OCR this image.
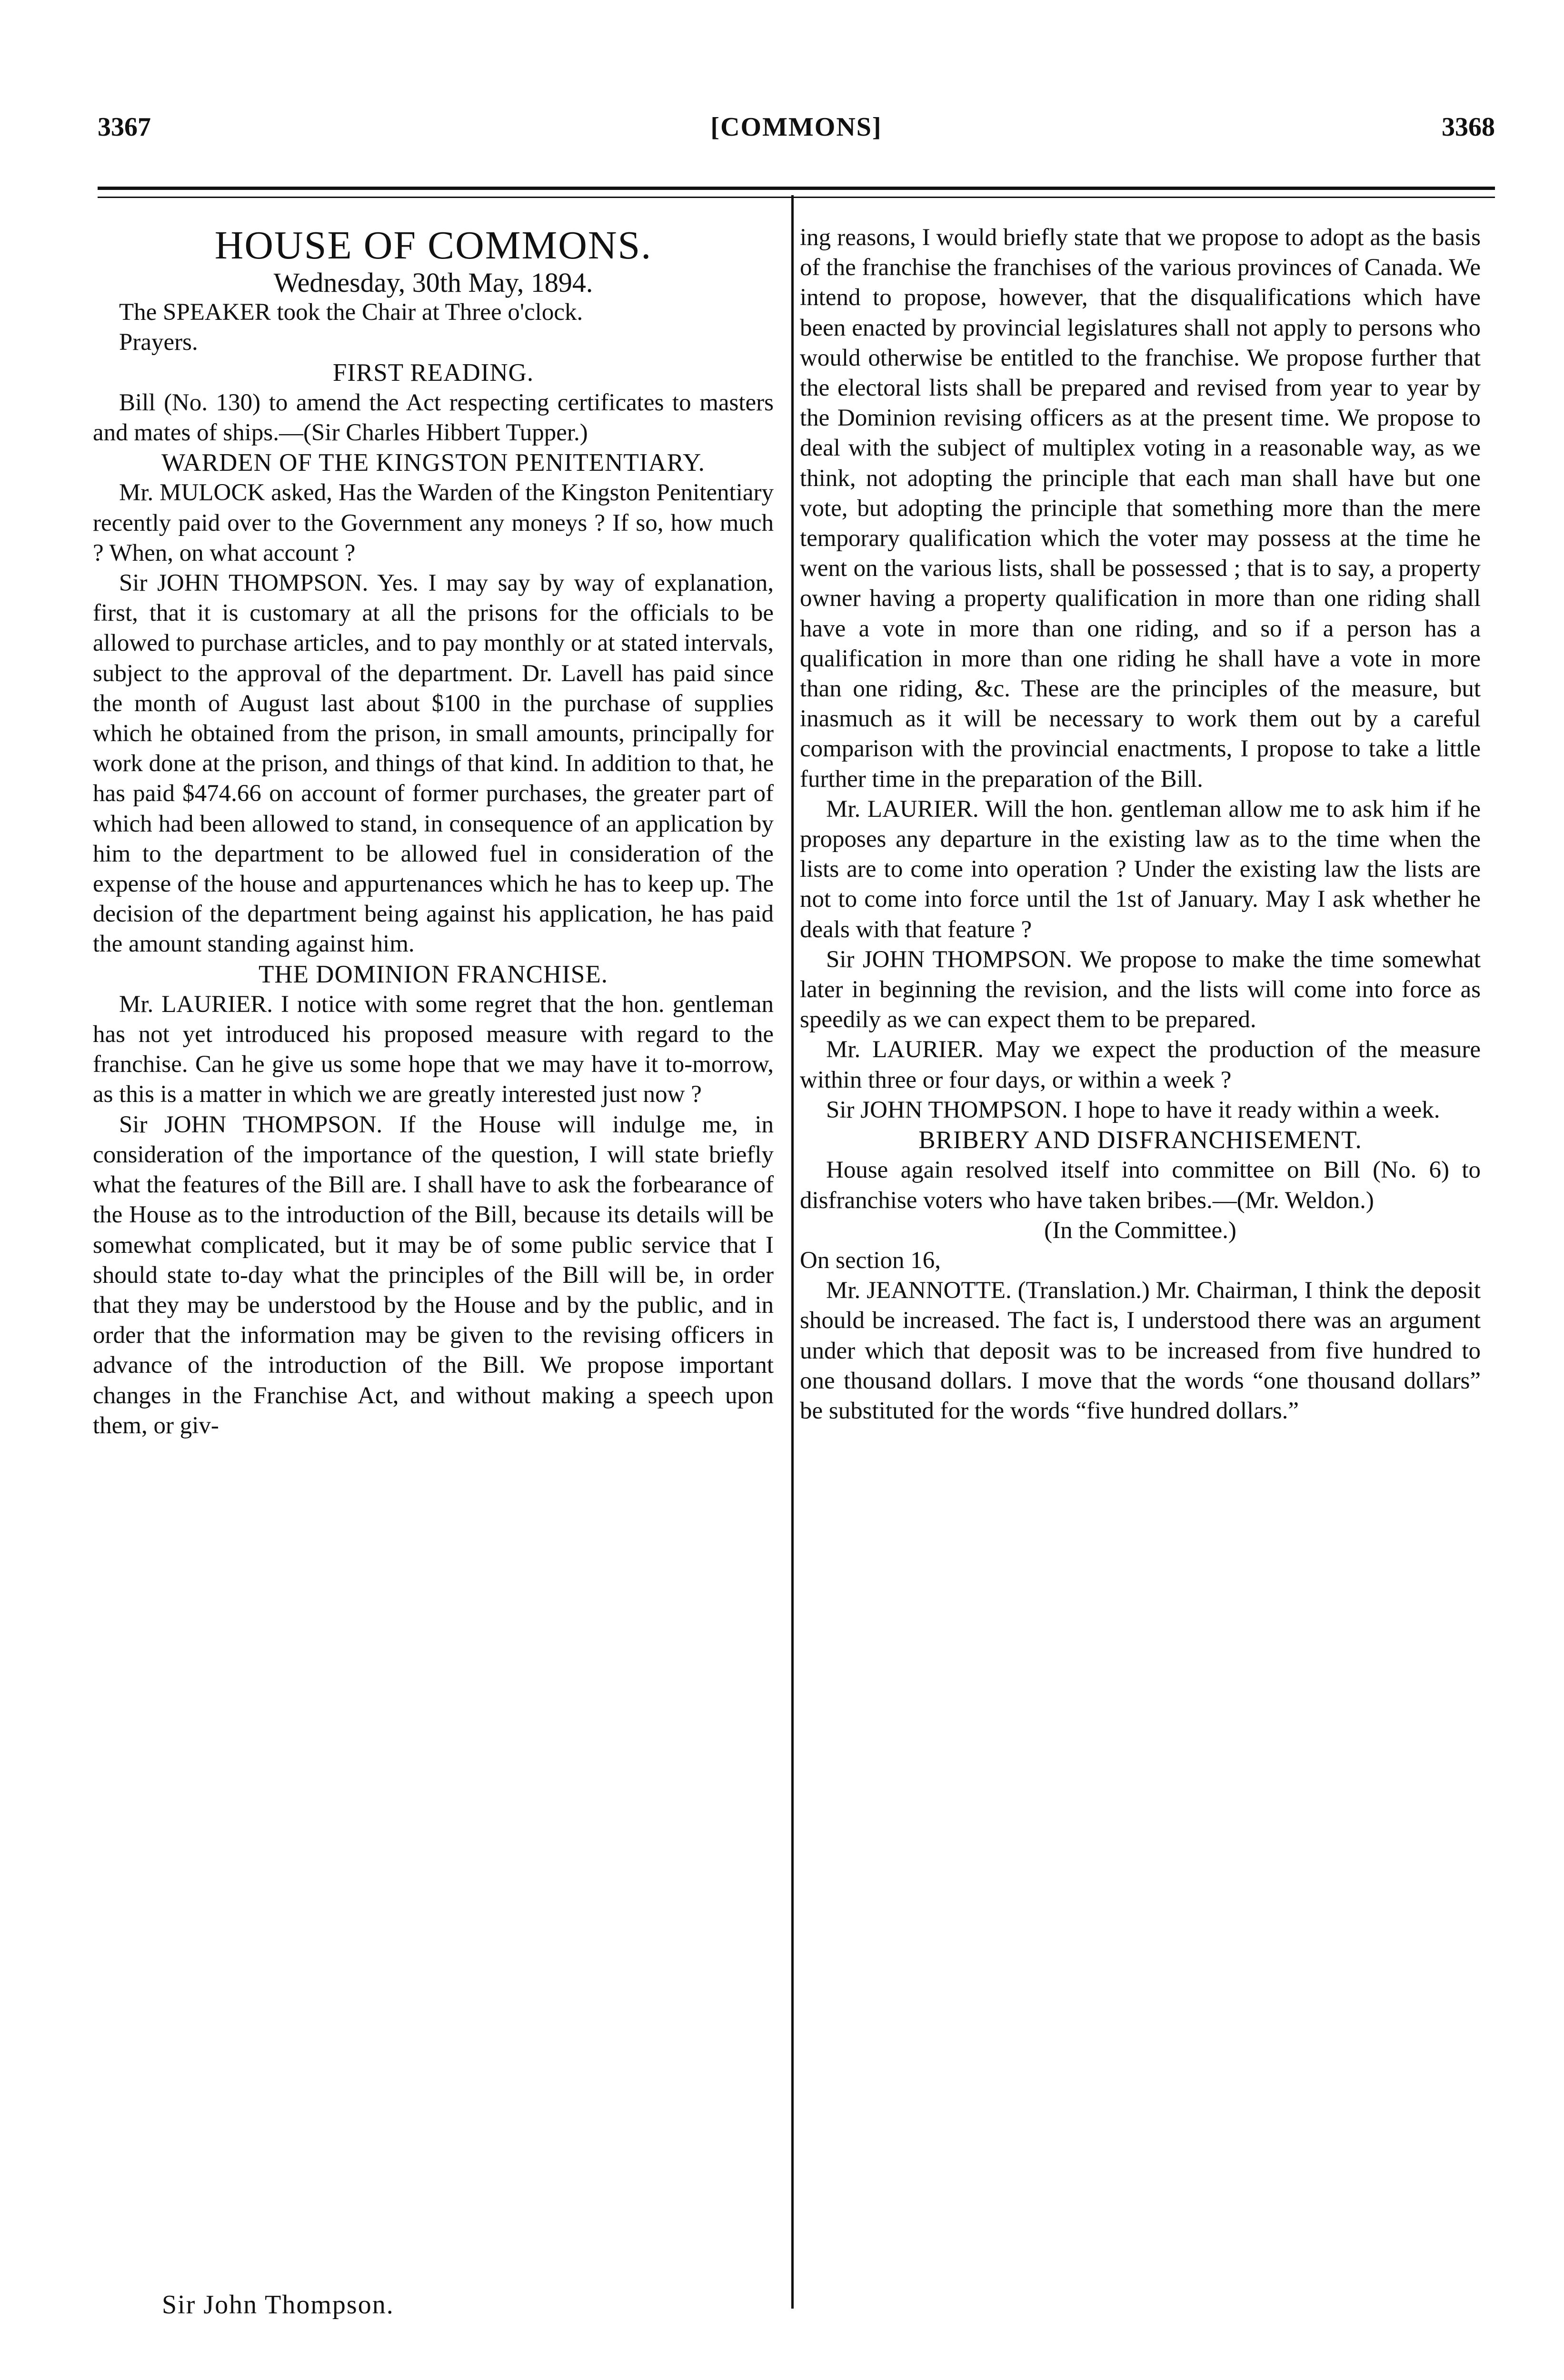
3367	[COMMONS]	3368

HOUSE OF COMMONS.

Wednesday, 30th May, 1894.

The SPEAKER took the Chair at Three o'clock.

Prayers.

FIRST READING.

Bill (No. 130) to amend the Act respecting certificates to masters and mates of ships.—(Sir Charles Hibbert Tupper.)

WARDEN OF THE KINGSTON PENITENTIARY.

Mr. MULOCK asked, Has the Warden of the Kingston Penitentiary recently paid over to the Government any moneys ? If so, how much ? When, on what account ?

Sir JOHN THOMPSON. Yes. I may say by way of explanation, first, that it is customary at all the prisons for the officials to be allowed to purchase articles, and to pay monthly or at stated intervals, subject to the approval of the department. Dr. Lavell has paid since the month of August last about $100 in the purchase of supplies which he obtained from the prison, in small amounts, principally for work done at the prison, and things of that kind. In addition to that, he has paid $474.66 on account of former purchases, the greater part of which had been allowed to stand, in consequence of an application by him to the department to be allowed fuel in consideration of the expense of the house and appurtenances which he has to keep up. The decision of the department being against his application, he has paid the amount standing against him.

THE DOMINION FRANCHISE.

Mr. LAURIER. I notice with some regret that the hon. gentleman has not yet introduced his proposed measure with regard to the franchise. Can he give us some hope that we may have it to-morrow, as this is a matter in which we are greatly interested just now ?

Sir JOHN THOMPSON. If the House will indulge me, in consideration of the importance of the question, I will state briefly what the features of the Bill are. I shall have to ask the forbearance of the House as to the introduction of the Bill, because its details will be somewhat complicated, but it may be of some public service that I should state to-day what the principles of the Bill will be, in order that they may be understood by the House and by the public, and in order that the information may be given to the revising officers in advance of the introduction of the Bill. We propose important changes in the Franchise Act, and without making a speech upon them, or giv-

ing reasons, I would briefly state that we propose to adopt as the basis of the franchise the franchises of the various provinces of Canada. We intend to propose, however, that the disqualifications which have been enacted by provincial legislatures shall not apply to persons who would otherwise be entitled to the franchise. We propose further that the electoral lists shall be prepared and revised from year to year by the Dominion revising officers as at the present time. We propose to deal with the subject of multiplex voting in a reasonable way, as we think, not adopting the principle that each man shall have but one vote, but adopting the principle that something more than the mere temporary qualification which the voter may possess at the time he went on the various lists, shall be possessed ; that is to say, a property owner having a property qualification in more than one riding shall have a vote in more than one riding, and so if a person has a qualification in more than one riding he shall have a vote in more than one riding, &c. These are the principles of the measure, but inasmuch as it will be necessary to work them out by a careful comparison with the provincial enactments, I propose to take a little further time in the preparation of the Bill.

Mr. LAURIER. Will the hon. gentleman allow me to ask him if he proposes any departure in the existing law as to the time when the lists are to come into operation ? Under the existing law the lists are not to come into force until the 1st of January. May I ask whether he deals with that feature ?

Sir JOHN THOMPSON. We propose to make the time somewhat later in beginning the revision, and the lists will come into force as speedily as we can expect them to be prepared.

Mr. LAURIER. May we expect the production of the measure within three or four days, or within a week ?

Sir JOHN THOMPSON. I hope to have it ready within a week.

BRIBERY AND DISFRANCHISEMENT.

House again resolved itself into committee on Bill (No. 6) to disfranchise voters who have taken bribes.—(Mr. Weldon.)

(In the Committee.)

On section 16,

Mr. JEANNOTTE. (Translation.) Mr. Chairman, I think the deposit should be increased. The fact is, I understood there was an argument under which that deposit was to be increased from five hundred to one thousand dollars. I move that the words “one thousand dollars” be substituted for the words “five hundred dollars.”

Sir John Thompson.
